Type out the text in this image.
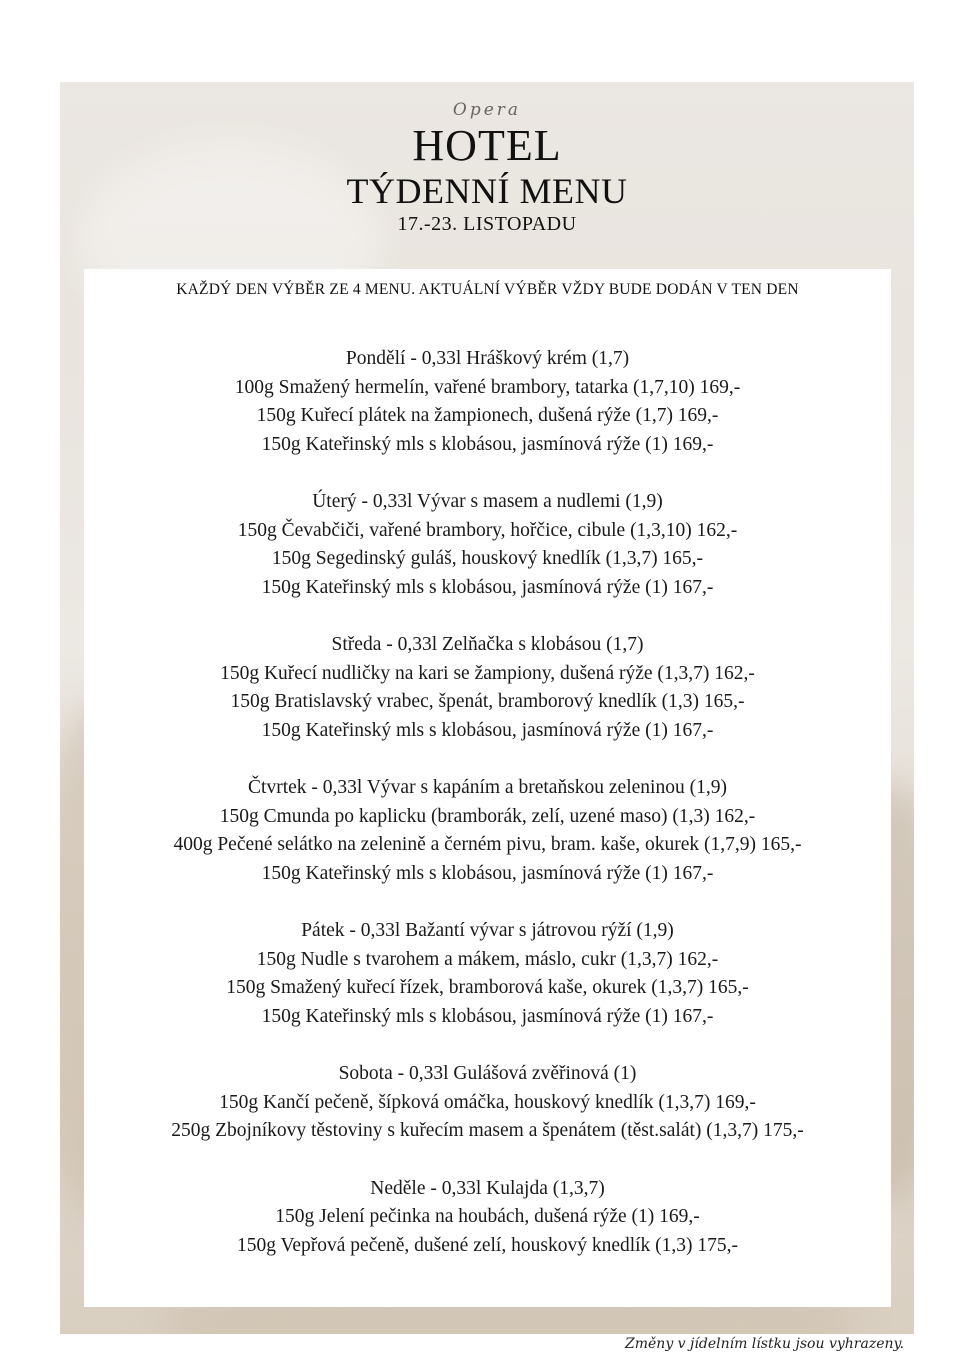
Opera
HOTEL
TÝDENNÍ MENU
17.-23. LISTOPADU
KAŽDÝ DEN VÝBĚR ZE 4 MENU. AKTUÁLNÍ VÝBĚR VŽDY BUDE DODÁN V TEN DEN
Pondělí - 0,33l Hráškový krém (1,7)
100g Smažený hermelín, vařené brambory, tatarka (1,7,10) 169,-
150g Kuřecí plátek na žampionech, dušená rýže (1,7) 169,-
150g Kateřinský mls s klobásou, jasmínová rýže (1) 169,-
Úterý - 0,33l Vývar s masem a nudlemi (1,9)
150g Čevabčiči, vařené brambory, hořčice, cibule (1,3,10) 162,-
150g Segedinský guláš, houskový knedlík (1,3,7) 165,-
150g Kateřinský mls s klobásou, jasmínová rýže (1) 167,-
Středa - 0,33l Zelňačka s klobásou (1,7)
150g Kuřecí nudličky na kari se žampiony, dušená rýže (1,3,7) 162,-
150g Bratislavský vrabec, špenát, bramborový knedlík (1,3) 165,-
150g Kateřinský mls s klobásou, jasmínová rýže (1) 167,-
Čtvrtek - 0,33l Vývar s kapáním a bretaňskou zeleninou (1,9)
150g Cmunda po kaplicku (bramborák, zelí, uzené maso) (1,3) 162,-
400g Pečené selátko na zelenině a černém pivu, bram. kaše, okurek (1,7,9) 165,-
150g Kateřinský mls s klobásou, jasmínová rýže (1) 167,-
Pátek - 0,33l Bažantí vývar s játrovou rýží (1,9)
150g Nudle s tvarohem a mákem, máslo, cukr (1,3,7) 162,-
150g Smažený kuřecí řízek, bramborová kaše, okurek (1,3,7) 165,-
150g Kateřinský mls s klobásou, jasmínová rýže (1) 167,-
Sobota - 0,33l Gulášová zvěřinová (1)
150g Kančí pečeně, šípková omáčka, houskový knedlík (1,3,7) 169,-
250g Zbojníkovy těstoviny s kuřecím masem a špenátem (těst.salát) (1,3,7) 175,-
Neděle - 0,33l Kulajda (1,3,7)
150g Jelení pečinka na houbách, dušená rýže (1) 169,-
150g Vepřová pečeně, dušené zelí, houskový knedlík (1,3) 175,-
Změny v jídelním lístku jsou vyhrazeny.
